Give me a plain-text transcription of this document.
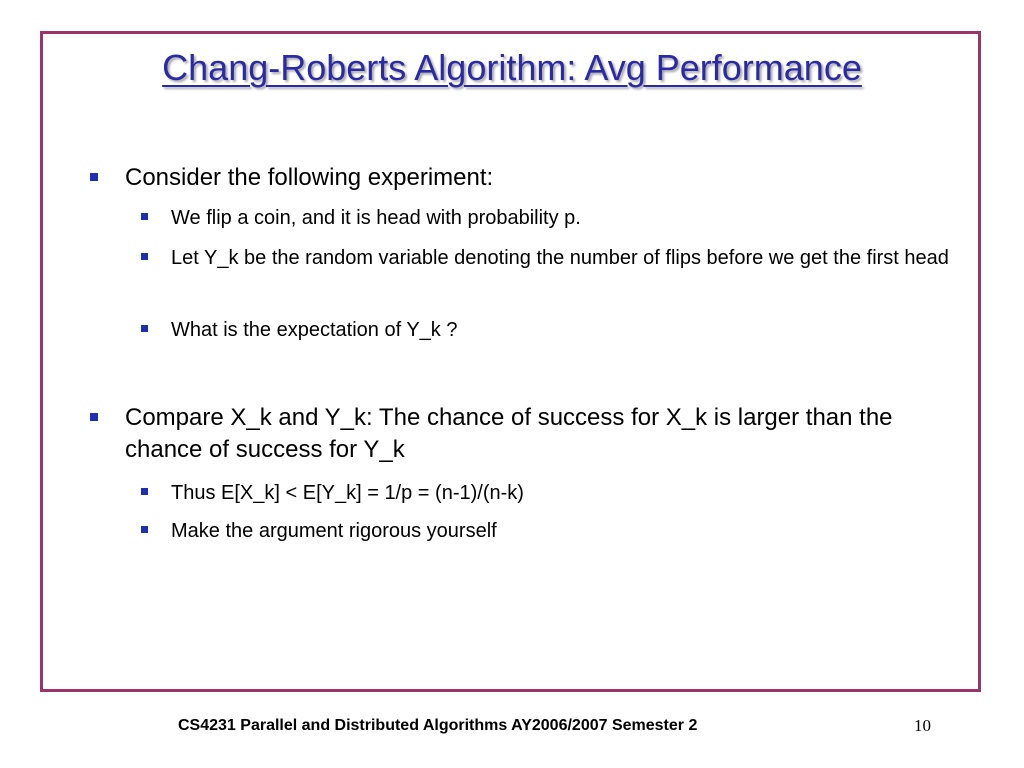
Chang-Roberts Algorithm: Avg Performance
Consider the following experiment:
We flip a coin, and it is head with probability p.
Let Y_k be the random variable denoting the number of flips before we get the first head
What is the expectation of Y_k ?
Compare X_k and Y_k: The chance of success for X_k is larger than the chance of success for Y_k
Thus E[X_k] < E[Y_k] = 1/p = (n-1)/(n-k)
Make the argument rigorous yourself
CS4231 Parallel and Distributed Algorithms AY2006/2007 Semester 2	10
